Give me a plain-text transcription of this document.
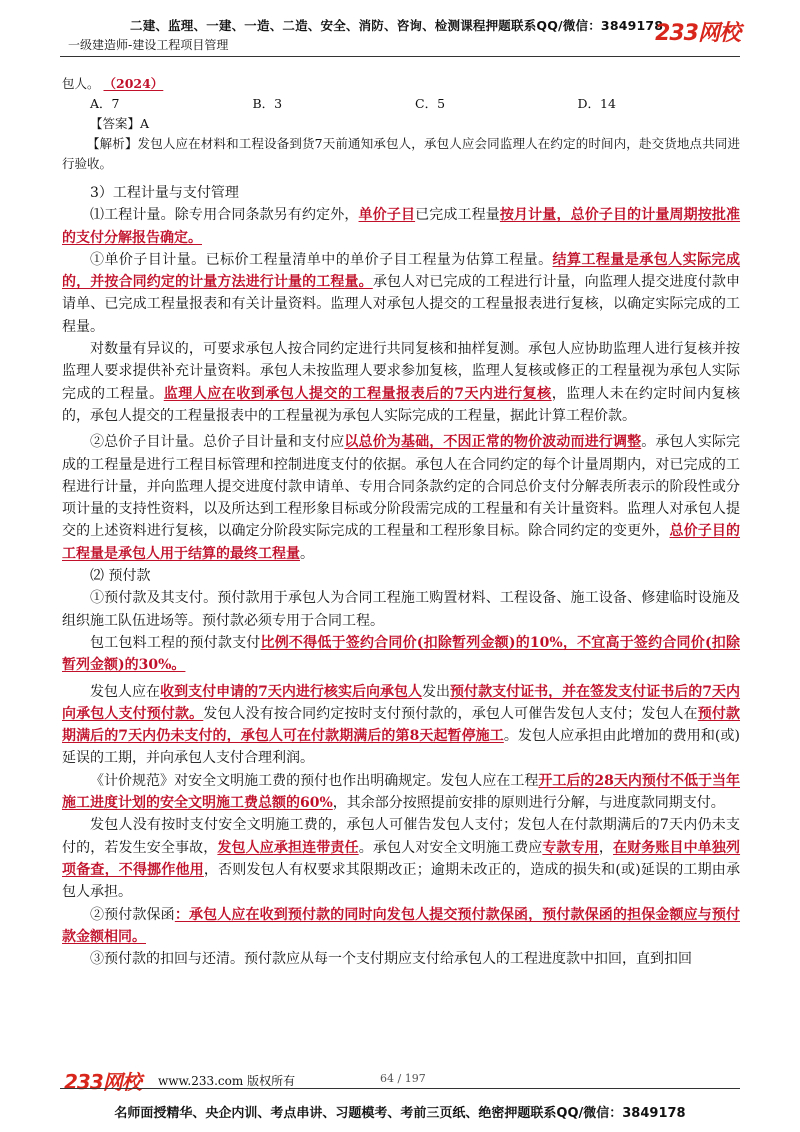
二建、监理、一建、一造、二造、安全、消防、咨询、检测课程押题联系QQ/微信：3849178
一级建造师-建设工程项目管理	233网校

包人。 （2024）

A．7	B．3	C．5	D．14

【答案】A

【解析】发包人应在材料和工程设备到货7天前通知承包人，承包人应会同监理人在约定的时间内，赴交货地点共同进行验收。

3）工程计量与支付管理

⑴工程计量。除专用合同条款另有约定外，单价子目已完成工程量按月计量，总价子目的计量周期按批准的支付分解报告确定。

①单价子目计量。已标价工程量清单中的单价子目工程量为估算工程量。结算工程量是承包人实际完成的，并按合同约定的计量方法进行计量的工程量。承包人对已完成的工程进行计量，向监理人提交进度付款申请单、已完成工程量报表和有关计量资料。监理人对承包人提交的工程量报表进行复核，以确定实际完成的工程量。

对数量有异议的，可要求承包人按合同约定进行共同复核和抽样复测。承包人应协助监理人进行复核并按监理人要求提供补充计量资料。承包人未按监理人要求参加复核，监理人复核或修正的工程量视为承包人实际完成的工程量。监理人应在收到承包人提交的工程量报表后的7天内进行复核，监理人未在约定时间内复核的，承包人提交的工程量报表中的工程量视为承包人实际完成的工程量，据此计算工程价款。

②总价子目计量。总价子目计量和支付应以总价为基础，不因正常的物价波动而进行调整。承包人实际完成的工程量是进行工程目标管理和控制进度支付的依据。承包人在合同约定的每个计量周期内，对已完成的工程进行计量，并向监理人提交进度付款申请单、专用合同条款约定的合同总价支付分解表所表示的阶段性或分项计量的支持性资料，以及所达到工程形象目标或分阶段需完成的工程量和有关计量资料。监理人对承包人提交的上述资料进行复核，以确定分阶段实际完成的工程量和工程形象目标。除合同约定的变更外，总价子目的工程量是承包人用于结算的最终工程量。

⑵ 预付款

①预付款及其支付。预付款用于承包人为合同工程施工购置材料、工程设备、施工设备、修建临时设施及组织施工队伍进场等。预付款必须专用于合同工程。

包工包料工程的预付款支付比例不得低于签约合同价(扣除暂列金额)的10%，不宜高于签约合同价(扣除暂列金额)的30%。

发包人应在收到支付申请的7天内进行核实后向承包人发出预付款支付证书，并在签发支付证书后的7天内向承包人支付预付款。发包人没有按合同约定按时支付预付款的，承包人可催告发包人支付；发包人在预付款期满后的7天内仍未支付的，承包人可在付款期满后的第8天起暂停施工。发包人应承担由此增加的费用和(或)延误的工期，并向承包人支付合理利润。

《计价规范》对安全文明施工费的预付也作出明确规定。发包人应在工程开工后的28天内预付不低于当年施工进度计划的安全文明施工费总额的60%，其余部分按照提前安排的原则进行分解，与进度款同期支付。

发包人没有按时支付安全文明施工费的，承包人可催告发包人支付；发包人在付款期满后的7天内仍未支付的，若发生安全事故，发包人应承担连带责任。承包人对安全文明施工费应专款专用，在财务账目中单独列项备查，不得挪作他用，否则发包人有权要求其限期改正；逾期未改正的，造成的损失和(或)延误的工期由承包人承担。

②预付款保函：承包人应在收到预付款的同时向发包人提交预付款保函，预付款保函的担保金额应与预付款金额相同。

③预付款的扣回与还清。预付款应从每一个支付期应支付给承包人的工程进度款中扣回，直到扣回

233网校 www.233.com 版权所有	64 / 197
名师面授精华、央企内训、考点串讲、习题模考、考前三页纸、绝密押题联系QQ/微信：3849178
